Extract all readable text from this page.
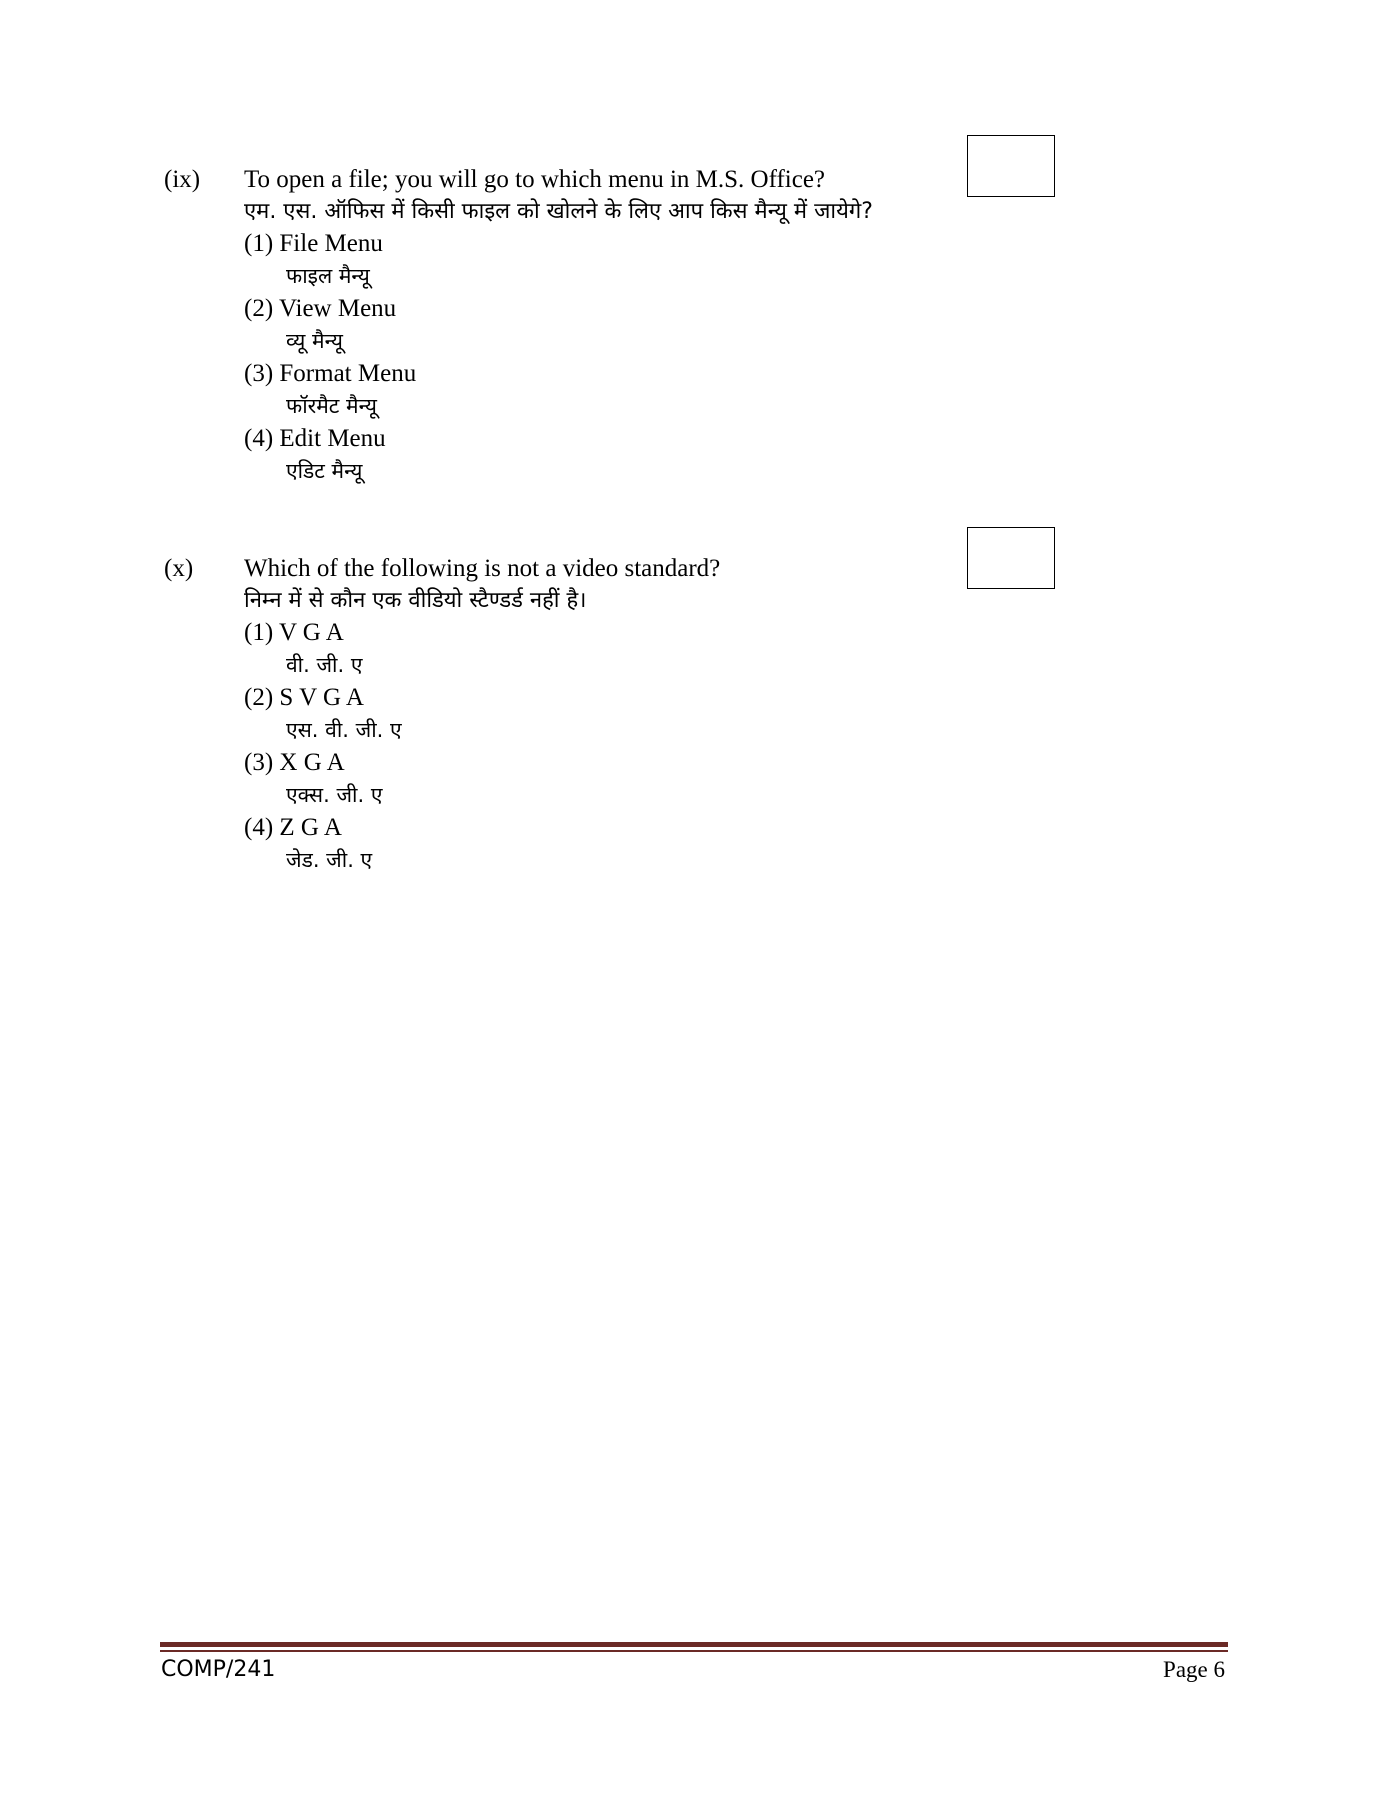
(ix) To open a file; you will go to which menu in M.S. Office?
एम. एस. ऑफिस में किसी फाइल को खोलने के लिए आप किस मैन्यू में जायेगे?
(1) File Menu
फाइल मैन्यू
(2) View Menu
व्यू मैन्यू
(3) Format Menu
फॉरमैट मैन्यू
(4) Edit Menu
एडिट मैन्यू
(x) Which of the following is not a video standard?
निम्न में से कौन एक वीडियो स्टैण्डर्ड नहीं है।
(1) V G A
वी. जी. ए
(2) S V G A
एस. वी. जी. ए
(3) X G A
एक्स. जी. ए
(4) Z G A
जेड. जी. ए
COMP/241	Page 6
